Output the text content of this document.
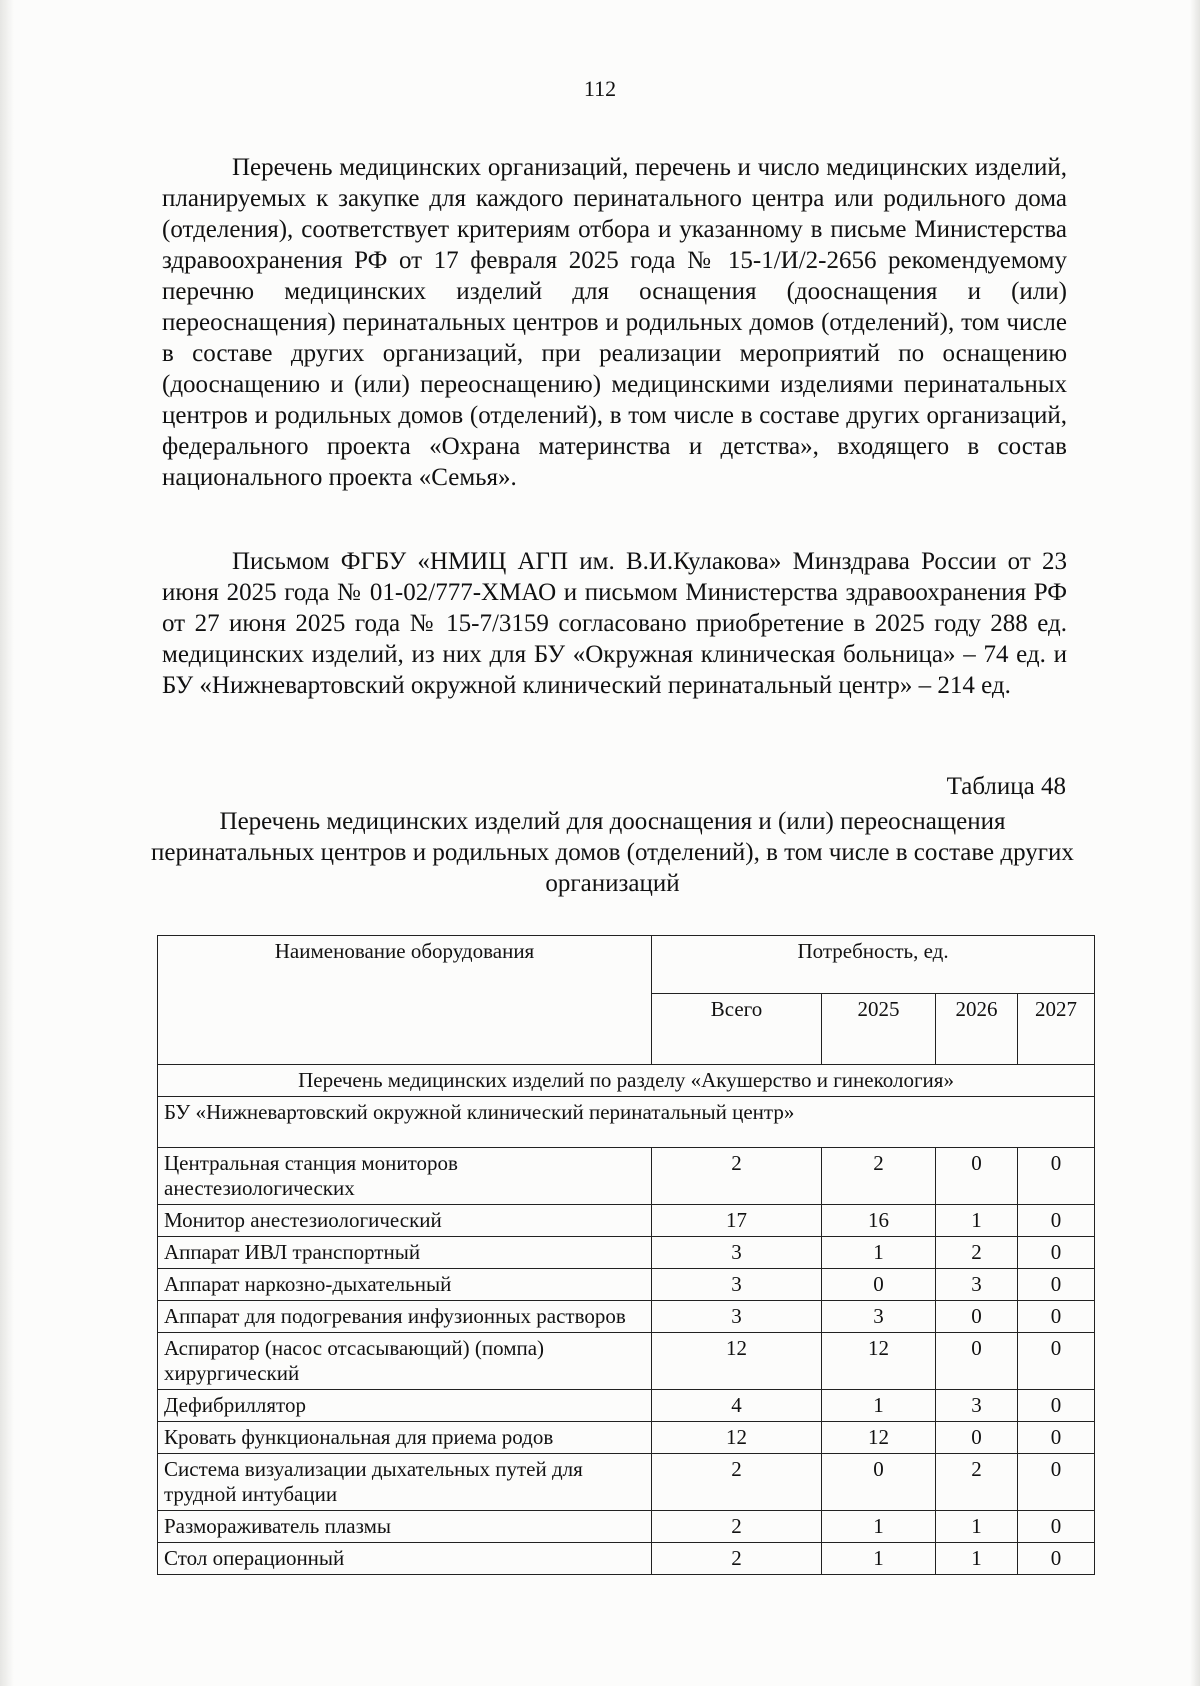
112

Перечень медицинских организаций, перечень и число медицинских изделий, планируемых к закупке для каждого перинатального центра или родильного дома (отделения), соответствует критериям отбора и указанному в письме Министерства здравоохранения РФ от 17 февраля 2025 года № 15-1/И/2-2656 рекомендуемому перечню медицинских изделий для оснащения (дооснащения и (или) переоснащения) перинатальных центров и родильных домов (отделений), том числе в составе других организаций, при реализации мероприятий по оснащению (дооснащению и (или) переоснащению) медицинскими изделиями перинатальных центров и родильных домов (отделений), в том числе в составе других организаций, федерального проекта «Охрана материнства и детства», входящего в состав национального проекта «Семья».

Письмом ФГБУ «НМИЦ АГП им. В.И.Кулакова» Минздрава России от 23 июня 2025 года № 01-02/777-ХМАО и письмом Министерства здравоохранения РФ от 27 июня 2025 года № 15-7/3159 согласовано приобретение в 2025 году 288 ед. медицинских изделий, из них для БУ «Окружная клиническая больница» – 74 ед. и БУ «Нижневартовский окружной клинический перинатальный центр» – 214 ед.

Таблица 48
Перечень медицинских изделий для дооснащения и (или) переоснащения перинатальных центров и родильных домов (отделений), в том числе в составе других организаций
Наименование оборудования	Потребность, ед.			
	Всего	2025	2026	2027
Перечень медицинских изделий по разделу «Акушерство и гинекология»				
БУ «Нижневартовский окружной клинический перинатальный центр»				
Центральная станция мониторов анестезиологических	2	2	0	0
Монитор анестезиологический	17	16	1	0
Аппарат ИВЛ транспортный	3	1	2	0
Аппарат наркозно-дыхательный	3	0	3	0
Аппарат для подогревания инфузионных растворов	3	3	0	0
Аспиратор (насос отсасывающий) (помпа) хирургический	12	12	0	0
Дефибриллятор	4	1	3	0
Кровать функциональная для приема родов	12	12	0	0
Система визуализации дыхательных путей для трудной интубации	2	0	2	0
Размораживатель плазмы	2	1	1	0
Стол операционный	2	1	1	0
